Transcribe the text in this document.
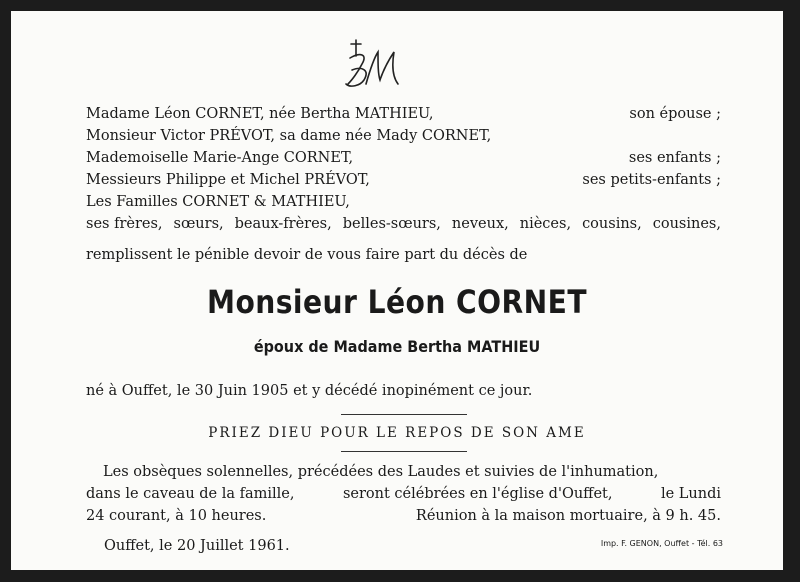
Madame Léon CORNET, née Bertha MATHIEU,	son épouse ;
Monsieur Victor PRÉVOT, sa dame née Mady CORNET,
Mademoiselle Marie-Ange CORNET,	ses enfants ;
Messieurs Philippe et Michel PRÉVOT,	ses petits-enfants ;
Les Familles CORNET & MATHIEU,
ses frères, sœurs, beaux-frères, belles-sœurs, neveux, nièces, cousins, cousines,
remplissent le pénible devoir de vous faire part du décès de
Monsieur Léon CORNET
époux de Madame Bertha MATHIEU
né à Ouffet, le 30 Juin 1905 et y décédé inopinément ce jour.
PRIEZ DIEU POUR LE REPOS DE SON AME
Les obsèques solennelles, précédées des Laudes et suivies de l'inhumation,
dans le caveau de la famille,	seront célébrées en l'église d'Ouffet,	le Lundi
24 courant, à 10 heures.	Réunion à la maison mortuaire, à 9 h. 45.
Ouffet, le 20 Juillet 1961.	Imp. F. GENON, Ouffet - Tél. 63
